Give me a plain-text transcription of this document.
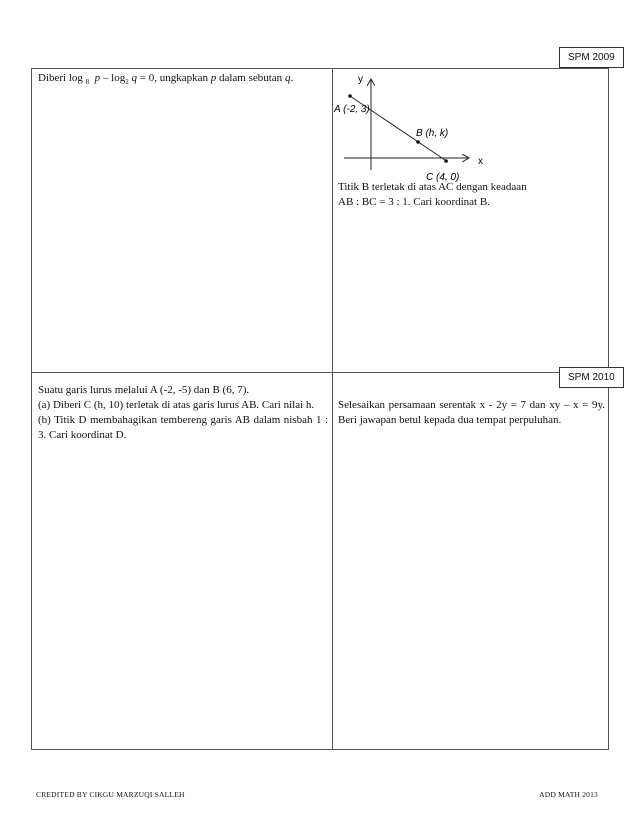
SPM 2009
SPM 2010
Diberi log $_8$ $p - \log_2 q = 0$, ungkapkan p dalam sebutan q.	y
x
A (-2, 3)
B (h, k)
C (4, 0)
Titik B terletak di atas AC dengan keadaan
AB : BC = 3 : 1. Cari koordinat B.
Suatu garis lurus melalui A (-2, -5) dan B (6, 7).
(a) Diberi C (h, 10) terletak di atas garis lurus AB. Cari nilai h.
(b) Titik D membahagikan tembereng garis AB dalam nisbah 1 : 3. Cari koordinat D.
Selesaikan persamaan serentak x - 2y = 7 dan xy – x = 9y. Beri jawapan betul kepada dua tempat perpuluhan.
CREDITED BY CIKGU MARZUQI SALLEH	ADD MATH 2013
